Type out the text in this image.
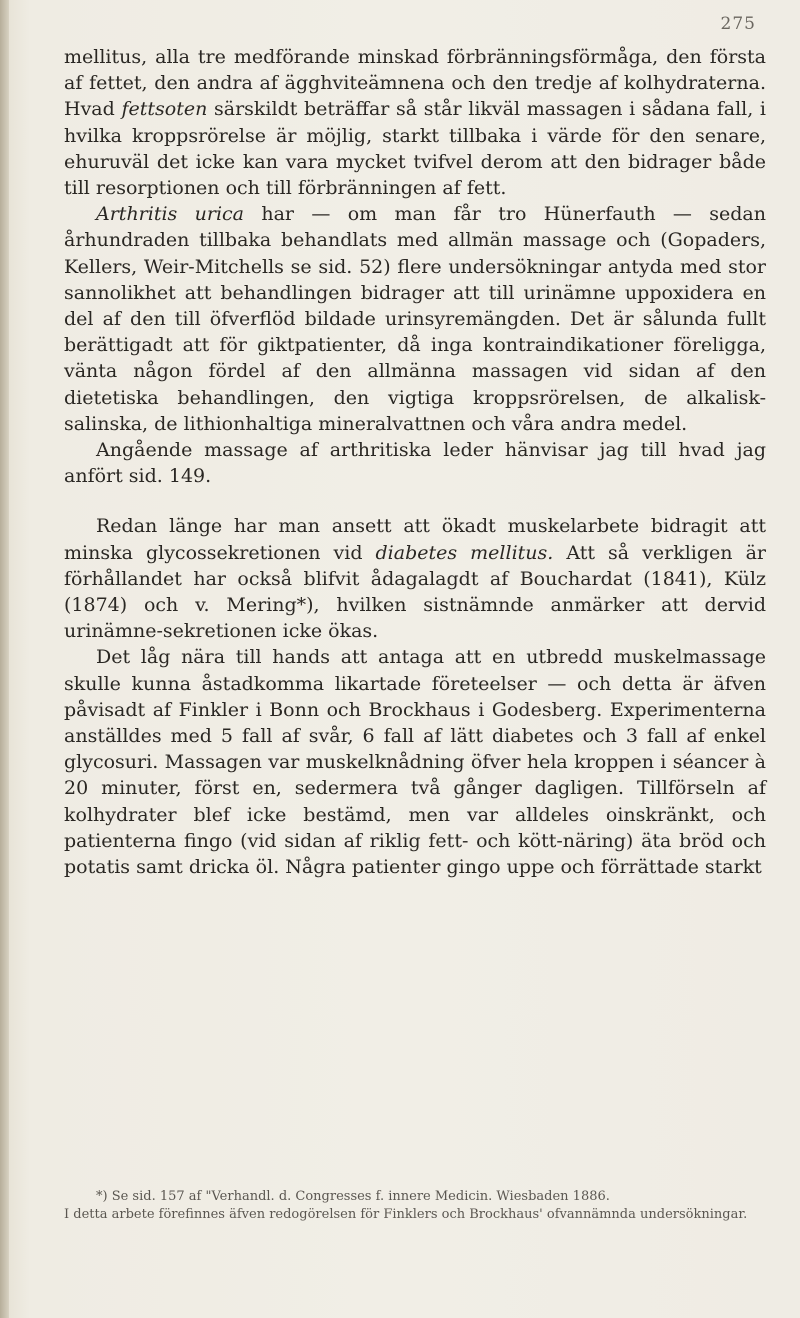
275

mellitus, alla tre medförande minskad förbränningsförmåga, den första af fettet, den andra af ägghviteämnena och den tredje af kolhydraterna. Hvad fettsoten särskildt beträffar så står likväl massagen i sådana fall, i hvilka kroppsrörelse är möjlig, starkt tillbaka i värde för den senare, ehuruväl det icke kan vara mycket tvifvel derom att den bidrager både till resorptionen och till förbränningen af fett.

Arthritis urica har — om man får tro Hünerfauth — sedan århundraden tillbaka behandlats med allmän massage och (Gopaders, Kellers, Weir-Mitchells se sid. 52) flere undersökningar antyda med stor sannolikhet att behandlingen bidrager att till urinämne uppoxidera en del af den till öfverflöd bildade urinsyremängden. Det är sålunda fullt berättigadt att för giktpatienter, då inga kontraindikationer föreligga, vänta någon fördel af den allmänna massagen vid sidan af den dietetiska behandlingen, den vigtiga kroppsrörelsen, de alkalisk-salinska, de lithionhaltiga mineralvattnen och våra andra medel.

Angående massage af arthritiska leder hänvisar jag till hvad jag anfört sid. 149.

Redan länge har man ansett att ökadt muskelarbete bidragit att minska glycossekretionen vid diabetes mellitus. Att så verkligen är förhållandet har också blifvit ådagalagdt af Bouchardat (1841), Külz (1874) och v. Mering*), hvilken sistnämnde anmärker att dervid urinämne-sekretionen icke ökas.

Det låg nära till hands att antaga att en utbredd muskelmassage skulle kunna åstadkomma likartade företeelser — och detta är äfven påvisadt af Finkler i Bonn och Brockhaus i Godesberg. Experimenterna anställdes med 5 fall af svår, 6 fall af lätt diabetes och 3 fall af enkel glycosuri. Massagen var muskelknådning öfver hela kroppen i séancer à 20 minuter, först en, sedermera två gånger dagligen. Tillförseln af kolhydrater blef icke bestämd, men var alldeles oinskränkt, och patienterna fingo (vid sidan af riklig fett- och kött-näring) äta bröd och potatis samt dricka öl. Några patienter gingo uppe och förrättade starkt

*) Se sid. 157 af "Verhandl. d. Congresses f. innere Medicin. Wiesbaden 1886.

I detta arbete förefinnes äfven redogörelsen för Finklers och Brockhaus' ofvannämnda undersökningar.
